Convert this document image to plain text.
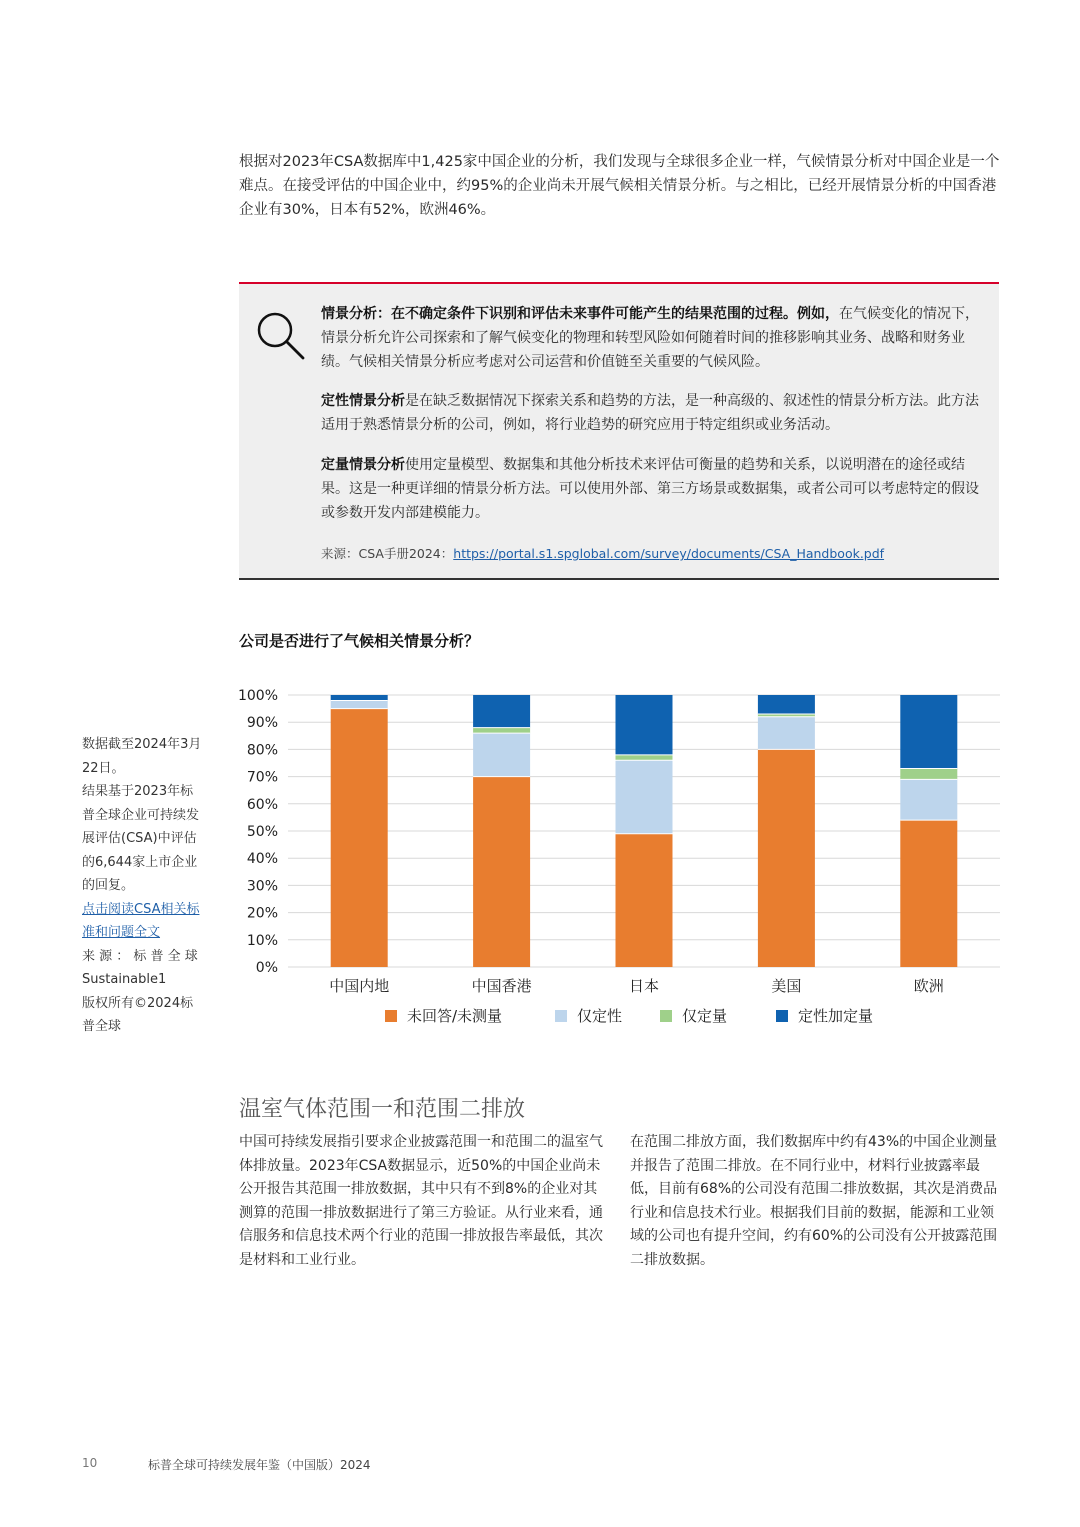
根据对2023年CSA数据库中1,425家中国企业的分析，我们发现与全球很多企业一样，气候情景分析对中国企业是一个难点。在接受评估的中国企业中，约95%的企业尚未开展气候相关情景分析。与之相比，已经开展情景分析的中国香港企业有30%，日本有52%，欧洲46%。
情景分析：在不确定条件下识别和评估未来事件可能产生的结果范围的过程。例如，在气候变化的情况下，情景分析允许公司探索和了解气候变化的物理和转型风险如何随着时间的推移影响其业务、战略和财务业绩。气候相关情景分析应考虑对公司运营和价值链至关重要的气候风险。
定性情景分析是在缺乏数据情况下探索关系和趋势的方法，是一种高级的、叙述性的情景分析方法。此方法适用于熟悉情景分析的公司，例如，将行业趋势的研究应用于特定组织或业务活动。
定量情景分析使用定量模型、数据集和其他分析技术来评估可衡量的趋势和关系，以说明潜在的途径或结果。这是一种更详细的情景分析方法。可以使用外部、第三方场景或数据集，或者公司可以考虑特定的假设或参数开发内部建模能力。
来源：CSA手册2024：https://portal.s1.spglobal.com/survey/documents/CSA_Handbook.pdf
公司是否进行了气候相关情景分析？
0%
10%
20%
30%
40%
50%
60%
70%
80%
90%
100%
中国内地	中国香港	日本	美国	欧洲
未回答/未测量	仅定性	仅定量	定性加定量
数据截至2024年3月22日。
结果基于2023年标普全球企业可持续发展评估(CSA)中评估的6,644家上市企业的回复。
点击阅读CSA相关标准和问题全文
来 源 ： 标 普 全 球 Sustainable1
版权所有©2024标普全球
温室气体范围一和范围二排放
中国可持续发展指引要求企业披露范围一和范围二的温室气体排放量。2023年CSA数据显示，近50%的中国企业尚未公开报告其范围一排放数据，其中只有不到8%的企业对其测算的范围一排放数据进行了第三方验证。从行业来看，通信服务和信息技术两个行业的范围一排放报告率最低，其次是材料和工业行业。
在范围二排放方面，我们数据库中约有43%的中国企业测量并报告了范围二排放。在不同行业中，材料行业披露率最低，目前有68%的公司没有范围二排放数据，其次是消费品行业和信息技术行业。根据我们目前的数据，能源和工业领域的公司也有提升空间，约有60%的公司没有公开披露范围二排放数据。
10	标普全球可持续发展年鉴（中国版）2024
